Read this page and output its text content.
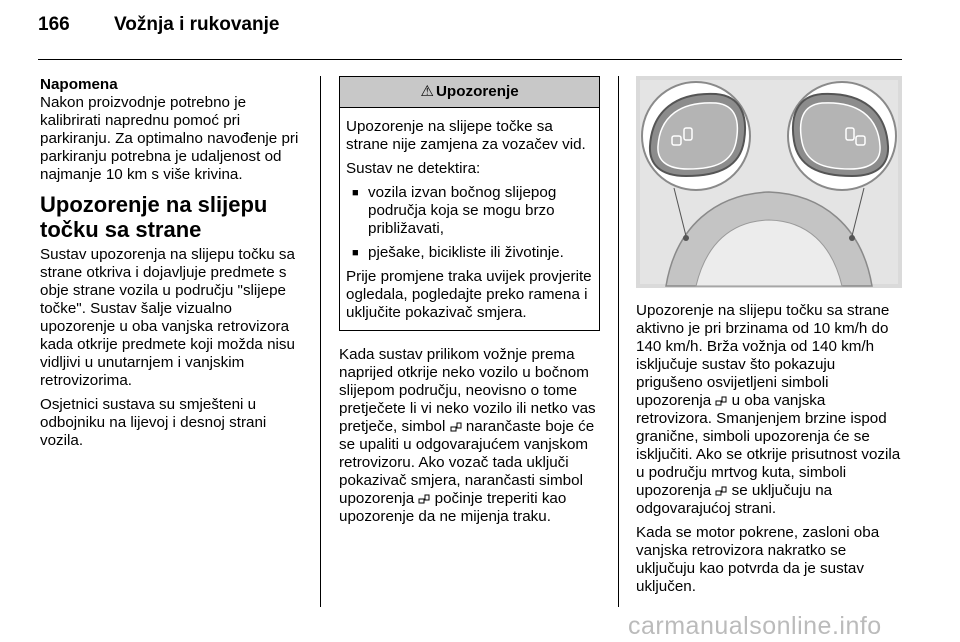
166	Vožnja i rukovanje
Napomena

Nakon proizvodnje potrebno je kalibrirati naprednu pomoć pri parkiranju. Za optimalno navođenje pri parkiranju potrebna je udaljenost od najmanje 10 km s više krivina.

Upozorenje na slijepu točku sa strane

Sustav upozorenja na slijepu točku sa strane otkriva i dojavljuje predmete s obje strane vozila u području "slijepe točke". Sustav šalje vizualno upozorenje u oba vanjska retrovizora kada otkrije predmete koji možda nisu vidljivi u unutarnjem i vanjskim retrovizorima.

Osjetnici sustava su smješteni u odbojniku na lijevoj i desnoj strani vozila.

⚠ Upozorenje

Upozorenje na slijepe točke sa strane nije zamjena za vozačev vid.

Sustav ne detektira:

■ vozila izvan bočnog slijepog područja koja se mogu brzo približavati,
■ pješake, bicikliste ili životinje.

Prije promjene traka uvijek provjerite ogledala, pogledajte preko ramena i uključite pokazivač smjera.

Kada sustav prilikom vožnje prema naprijed otkrije neko vozilo u bočnom slijepom području, neovisno o tome pretječete li vi neko vozilo ili netko vas pretječe, simbol narančaste boje će se upaliti u odgovarajućem vanjskom retrovizoru. Ako vozač tada uključi pokazivač smjera, narančasti simbol upozorenja počinje treperiti kao upozorenje da ne mijenja traku.

Upozorenje na slijepu točku sa strane aktivno je pri brzinama od 10 km/h do 140 km/h. Brža vožnja od 140 km/h isključuje sustav što pokazuju prigušeno osvijetljeni simboli upozorenja u oba vanjska retrovizora. Smanjenjem brzine ispod granične, simboli upozorenja će se isključiti. Ako se otkrije prisutnost vozila u području mrtvog kuta, simboli upozorenja se uključuju na odgovarajućoj strani.

Kada se motor pokrene, zasloni oba vanjska retrovizora nakratko se uključuju kao potvrda da je sustav uključen.

carmanualsonline.info
